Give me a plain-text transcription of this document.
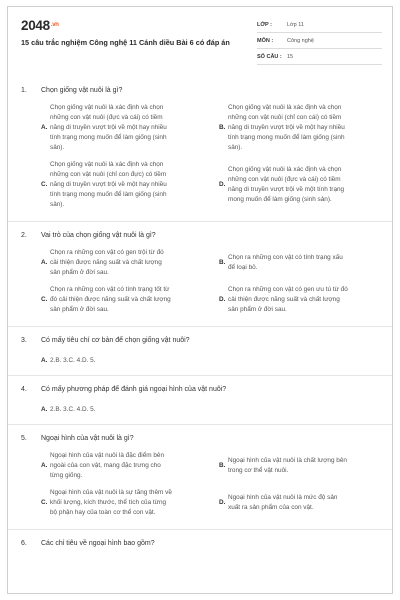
$2048^{.vn}$
15 câu trắc nghiệm Công nghệ 11 Cánh diều Bài 6 có đáp án
LỚP :	Lớp 11
MÔN :	Công nghệ
SỐ CÂU : 15
1. Chọn giống vật nuôi là gì?
A.
Chọn giống vật nuôi là xác định và chọn
những con vật nuôi (đực và cái) có tiềm
năng di truyền vượt trội về một hay nhiều
tính trạng mong muốn để làm giống (sinh
sản).
B.
Chọn giống vật nuôi là xác định và chọn
những con vật nuôi (chỉ con cái) có tiềm
năng di truyền vượt trội về một hay nhiều
tính trạng mong muốn để làm giống (sinh
sản).
C.
Chọn giống vật nuôi là xác định và chọn
những con vật nuôi (chỉ con đực) có tiềm
năng di truyền vượt trội về một hay nhiều
tính trạng mong muốn để làm giống (sinh
sản).
D.
Chọn giống vật nuôi là xác định và chọn
những con vật nuôi (đực và cái) có tiềm
năng di truyền vượt trội về một tính trạng
mong muốn để làm giống (sinh sản).
2. Vai trò của chọn giống vật nuôi là gì?
A.
Chọn ra những con vật có gen trội từ đó
cải thiện được năng suất và chất lượng
sản phẩm ở đời sau.
B.
Chọn ra những con vật có tính trạng xấu
để loại bỏ.
C.
Chọn ra những con vật có tính trạng tốt từ
đó cải thiện được năng suất và chất lượng
sản phẩm ở đời sau.
D.
Chọn ra những con vật có gen ưu tú từ đó
cải thiện được năng suất và chất lượng
sản phẩm ở đời sau.
3. Có mấy tiêu chí cơ bản để chọn giống vật nuôi?
A. 2.B. 3.C. 4.D. 5.
4. Có mấy phương pháp để đánh giá ngoại hình của vật nuôi?
A. 2.B. 3.C. 4.D. 5.
5. Ngoại hình của vật nuôi là gì?
A.
Ngoại hình của vật nuôi là đặc điểm bên
ngoài của con vật, mang đặc trưng cho
từng giống.
B.
Ngoại hình của vật nuôi là chất lượng bên
trong cơ thể vật nuôi.
C.
Ngoại hình của vật nuôi là sự tăng thêm về
khối lượng, kích thước, thể tích của từng
bộ phận hay của toàn cơ thể con vật.
D.
Ngoại hình của vật nuôi là mức độ sản
xuất ra sản phẩm của con vật.
6. Các chỉ tiêu về ngoại hình bao gồm?
